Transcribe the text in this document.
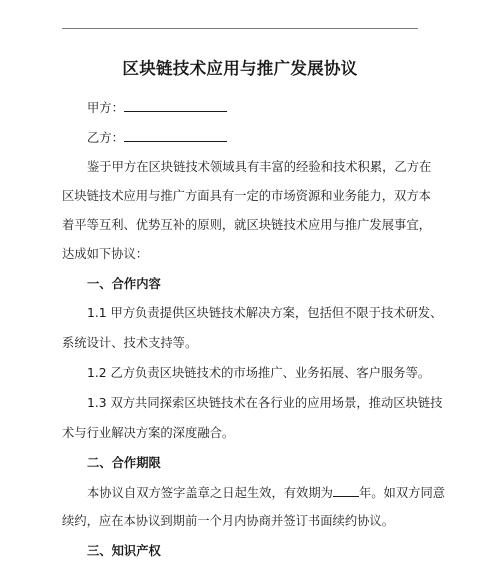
区块链技术应用与推广发展协议
甲方：
乙方：
鉴于甲方在区块链技术领域具有丰富的经验和技术积累，乙方在
区块链技术应用与推广方面具有一定的市场资源和业务能力，双方本
着平等互利、优势互补的原则，就区块链技术应用与推广发展事宜，
达成如下协议：
一、合作内容
1.1 甲方负责提供区块链技术解决方案，包括但不限于技术研发、
系统设计、技术支持等。
1.2 乙方负责区块链技术的市场推广、业务拓展、客户服务等。
1.3 双方共同探索区块链技术在各行业的应用场景，推动区块链技
术与行业解决方案的深度融合。
二、合作期限
本协议自双方签字盖章之日起生效，有效期为 年。如双方同意
续约，应在本协议到期前一个月内协商并签订书面续约协议。
三、知识产权
